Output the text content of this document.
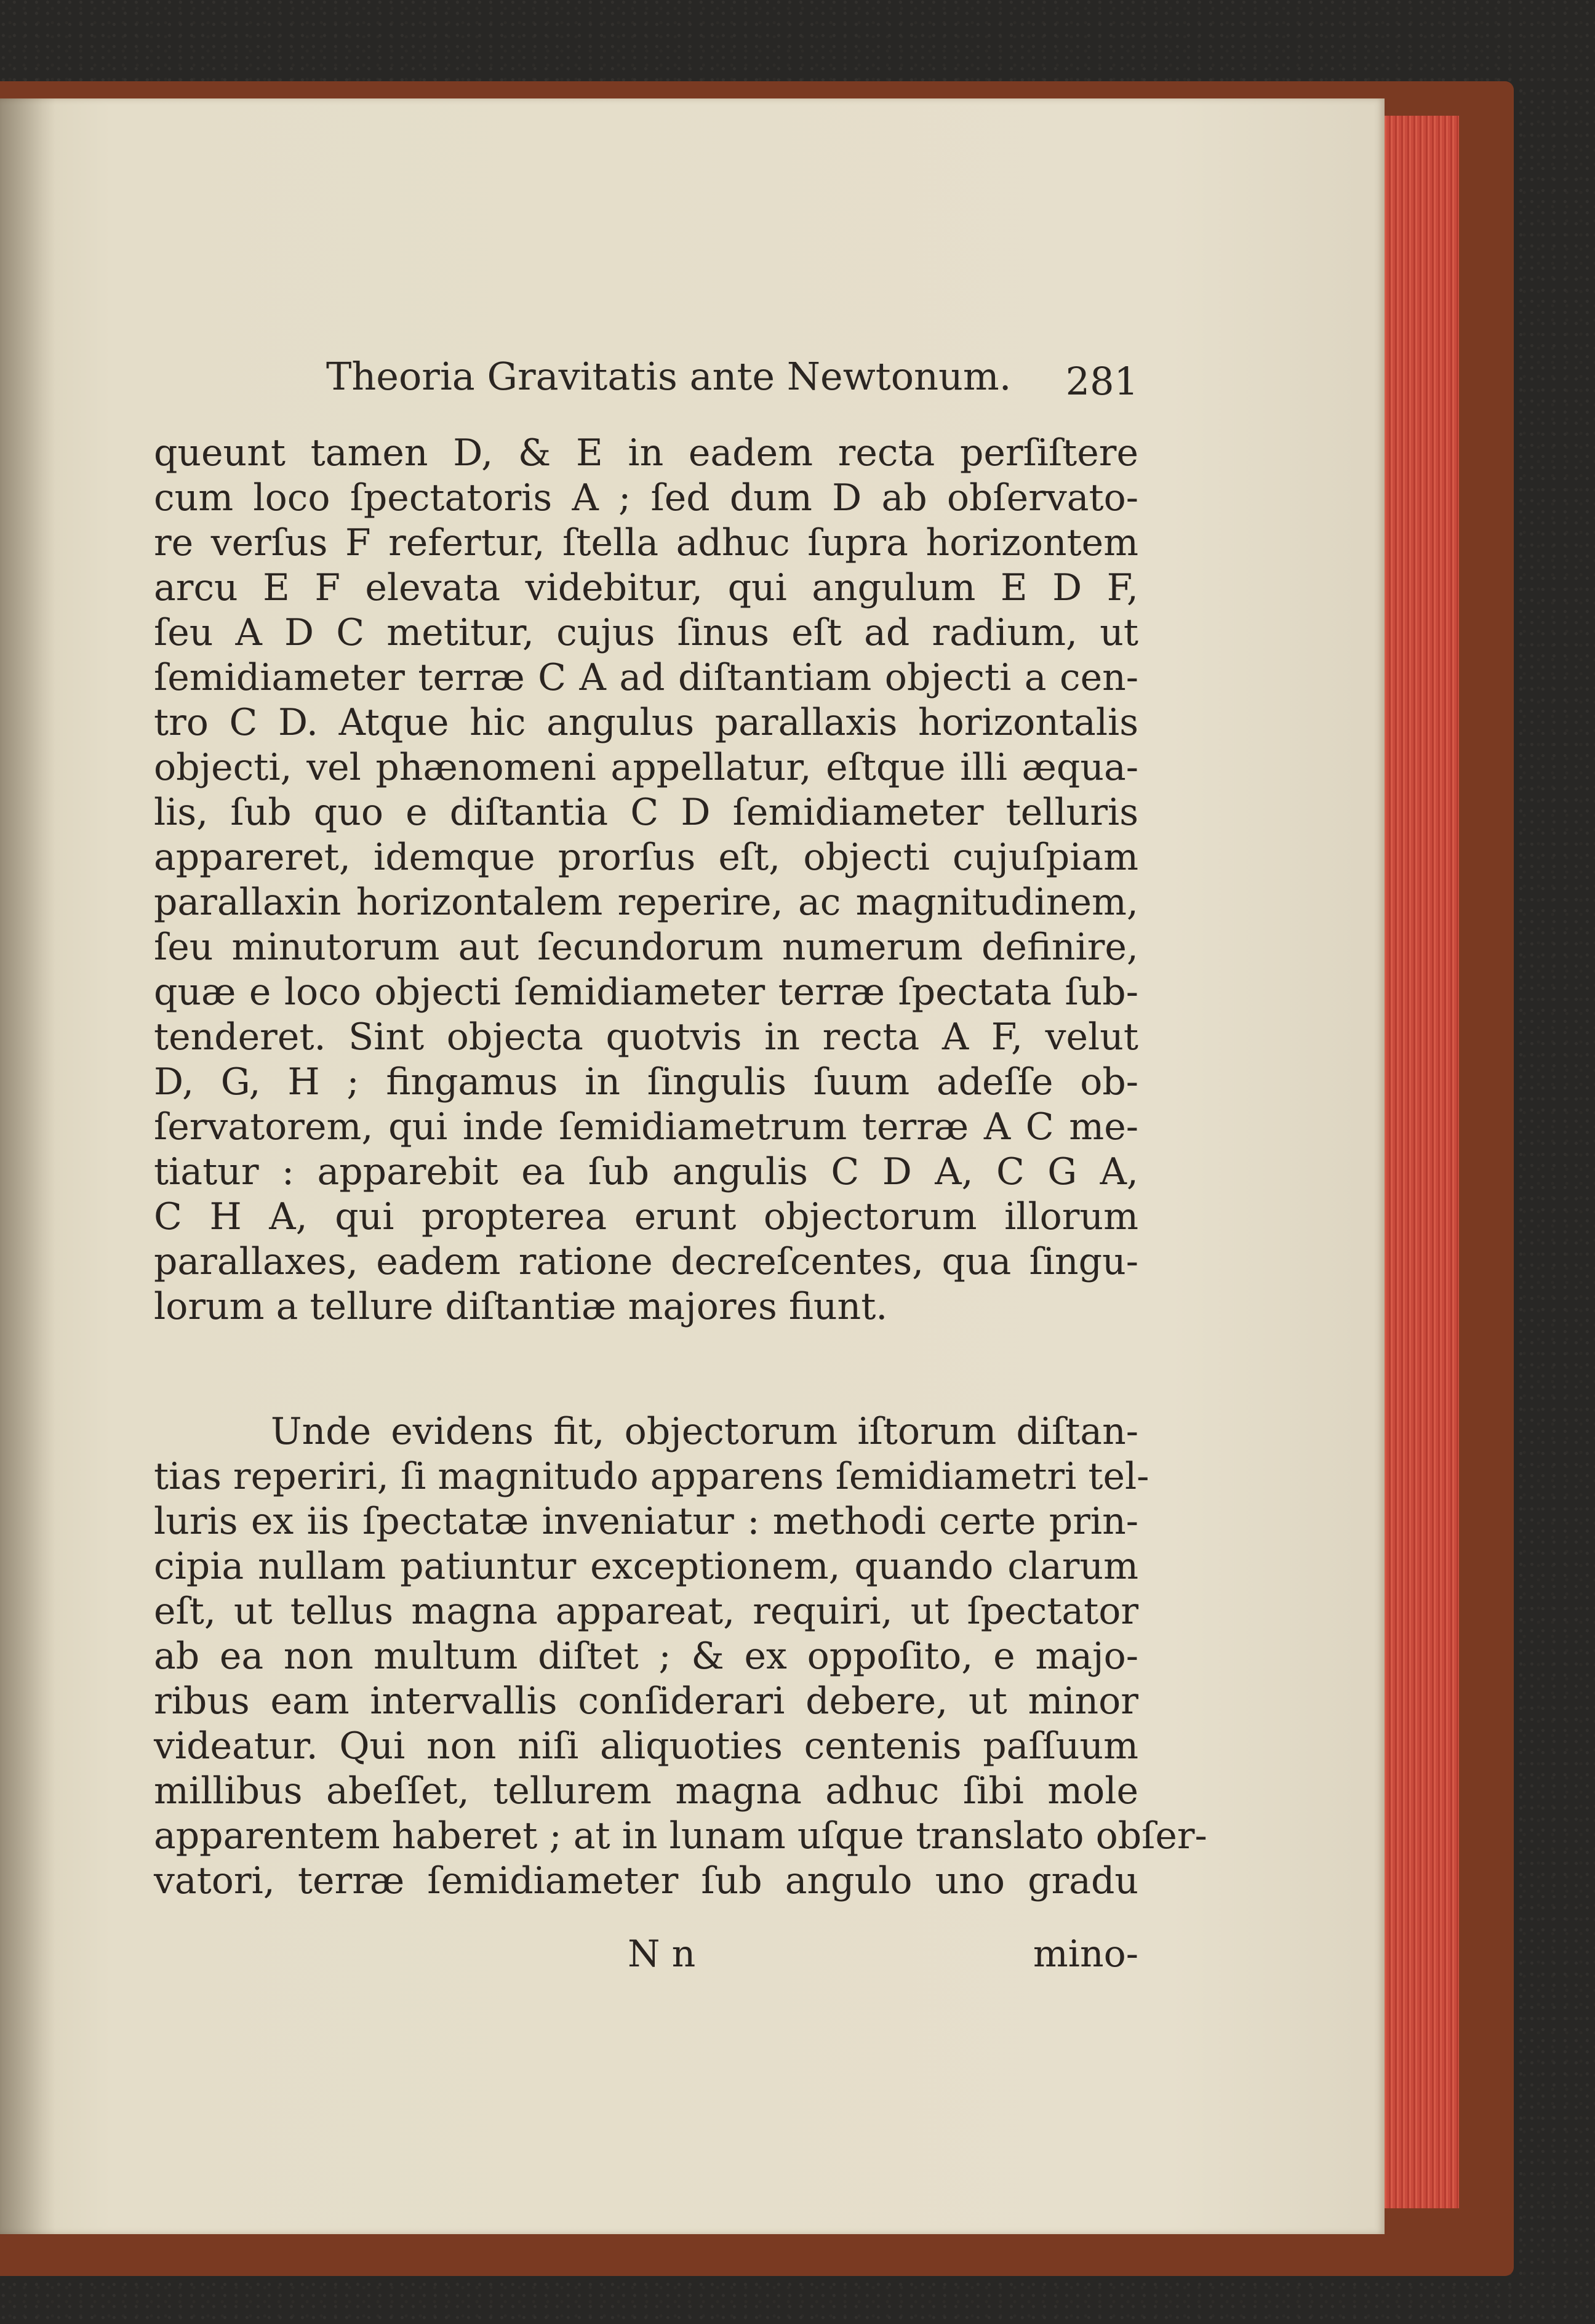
Theoria Gravitatis ante Newtonum. 281
queunt tamen D, & E in eadem recta perſiſtere
cum loco ſpectatoris A ; ſed dum D ab obſervato-
re verſus F refertur, ſtella adhuc ſupra horizontem
arcu E F elevata videbitur, qui angulum E D F,
ſeu A D C metitur, cujus ſinus eſt ad radium, ut
ſemidiameter terræ C A ad diſtantiam objecti a cen-
tro C D. Atque hic angulus parallaxis horizontalis
objecti, vel phænomeni appellatur, eſtque illi æqua-
lis, ſub quo e diſtantia C D ſemidiameter telluris
appareret, idemque prorſus eſt, objecti cujuſpiam
parallaxin horizontalem reperire, ac magnitudinem,
ſeu minutorum aut ſecundorum numerum definire,
quæ e loco objecti ſemidiameter terræ ſpectata ſub-
tenderet. Sint objecta quotvis in recta A F, velut
D, G, H ; fingamus in ſingulis ſuum adeſſe ob-
ſervatorem, qui inde ſemidiametrum terræ A C me-
tiatur : apparebit ea ſub angulis C D A, C G A,
C H A, qui propterea erunt objectorum illorum
parallaxes, eadem ratione decreſcentes, qua ſingu-
lorum a tellure diſtantiæ majores fiunt.
Unde evidens fit, objectorum iſtorum diſtan-
tias reperiri, ſi magnitudo apparens ſemidiametri tel-
luris ex iis ſpectatæ inveniatur : methodi certe prin-
cipia nullam patiuntur exceptionem, quando clarum
eſt, ut tellus magna appareat, requiri, ut ſpectator
ab ea non multum diſtet ; & ex oppoſito, e majo-
ribus eam intervallis conſiderari debere, ut minor
videatur. Qui non niſi aliquoties centenis paſſuum
millibus abeſſet, tellurem magna adhuc ſibi mole
apparentem haberet ; at in lunam uſque translato obſer-
vatori, terræ ſemidiameter ſub angulo uno gradu
N n	mino-
